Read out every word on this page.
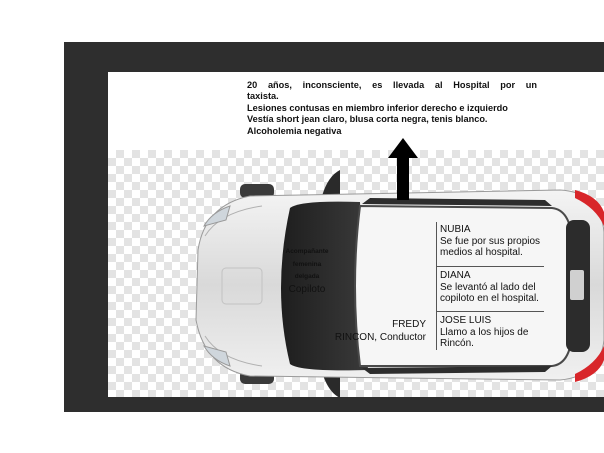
20 años, inconsciente, es llevada al Hospital por un
taxista.
Lesiones contusas en miembro inferior derecho e izquierdo
Vestía short jean claro, blusa corta negra, tenis blanco.
Alcoholemia negativa
Acompañante
femenina
delgada
Copiloto
FREDY
RINCON, Conductor
NUBIA
Se fue por sus propios
medios al hospital.
DIANA
Se levantó al lado del
copiloto en el hospital.
JOSE LUIS
Llamo a los hijos de
Rincón.
